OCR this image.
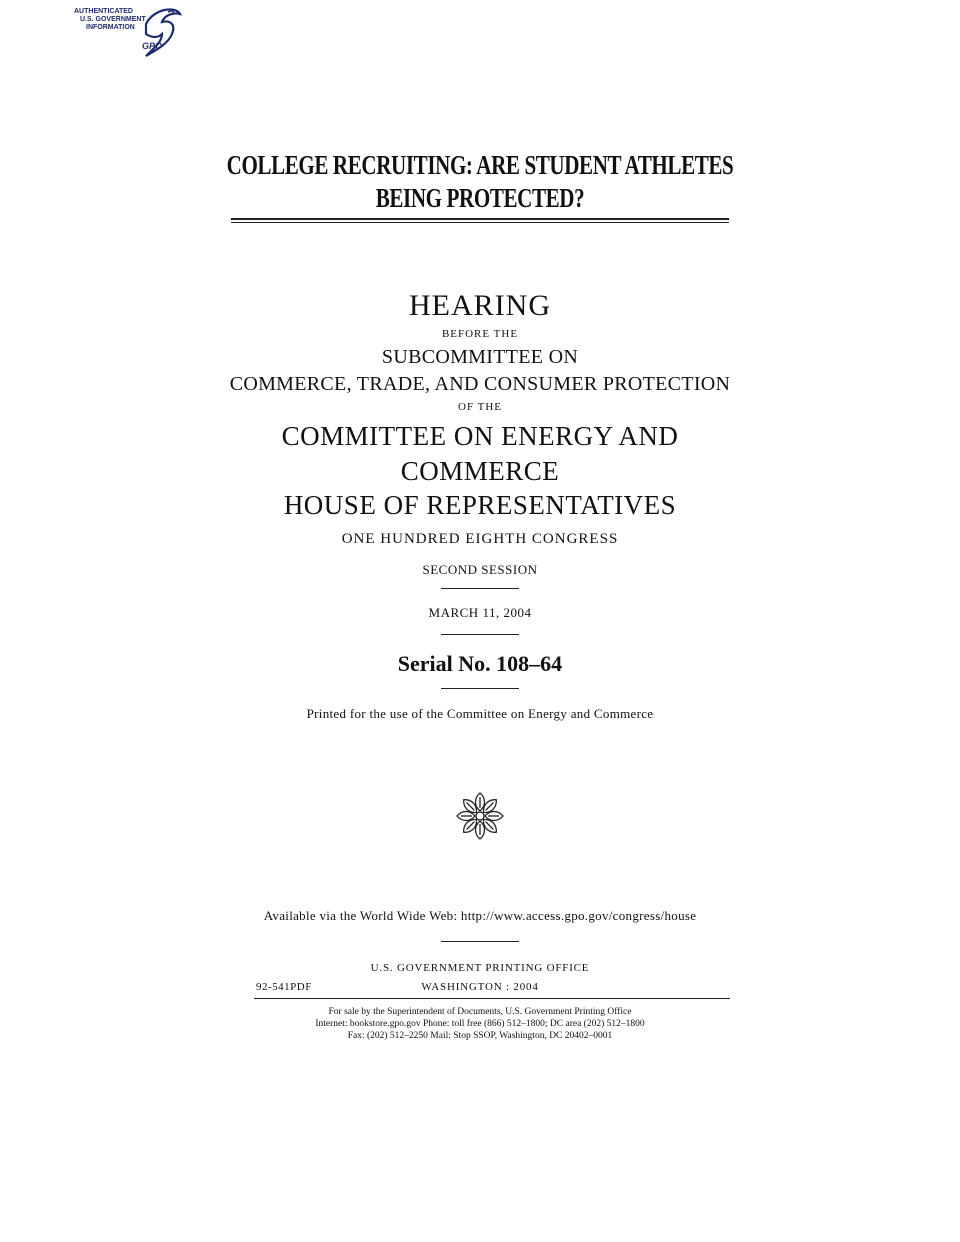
AUTHENTICATED
U.S. GOVERNMENT
INFORMATION
GPO
COLLEGE RECRUITING: ARE STUDENT ATHLETES
BEING PROTECTED?
HEARING
BEFORE THE
SUBCOMMITTEE ON
COMMERCE, TRADE, AND CONSUMER PROTECTION
OF THE
COMMITTEE ON ENERGY AND
COMMERCE
HOUSE OF REPRESENTATIVES
ONE HUNDRED EIGHTH CONGRESS
SECOND SESSION
MARCH 11, 2004
Serial No. 108–64
Printed for the use of the Committee on Energy and Commerce
Available via the World Wide Web: http://www.access.gpo.gov/congress/house
U.S. GOVERNMENT PRINTING OFFICE
92-541PDF	WASHINGTON : 2004
For sale by the Superintendent of Documents, U.S. Government Printing Office
Internet: bookstore.gpo.gov Phone: toll free (866) 512–1800; DC area (202) 512–1800
Fax: (202) 512–2250 Mail: Stop SSOP, Washington, DC 20402–0001
